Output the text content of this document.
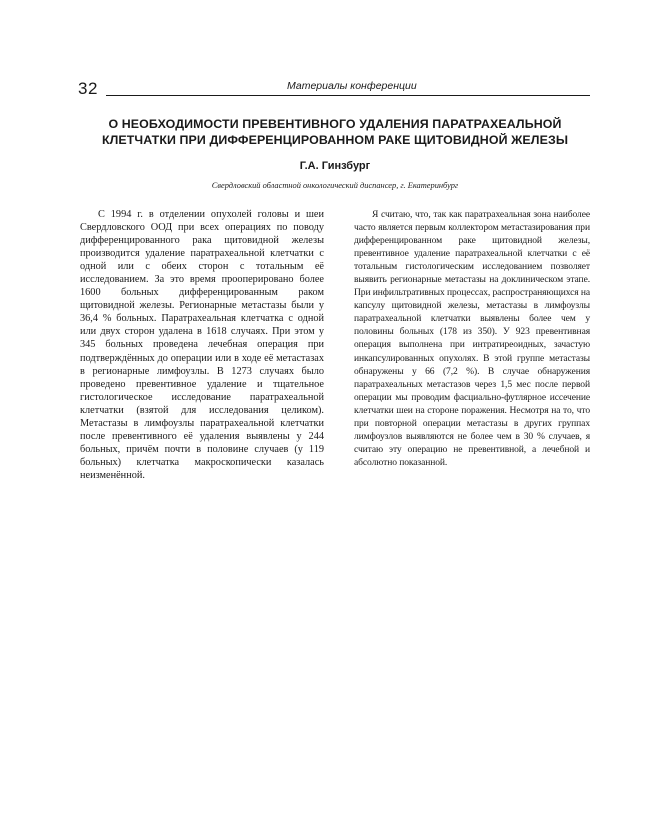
32	Материалы конференции
О НЕОБХОДИМОСТИ ПРЕВЕНТИВНОГО УДАЛЕНИЯ ПАРАТРАХЕАЛЬНОЙ КЛЕТЧАТКИ ПРИ ДИФФЕРЕНЦИРОВАННОМ РАКЕ ЩИТОВИДНОЙ ЖЕЛЕЗЫ
Г.А. Гинзбург
Свердловский областной онкологический диспансер, г. Екатеринбург

С 1994 г. в отделении опухолей головы и шеи Свердловского ООД при всех операциях по поводу дифференцированного рака щитовидной железы производится удаление паратрахеальной клетчатки с одной или с обеих сторон с тотальным её исследованием. За это время прооперировано более 1600 больных дифференцированным раком щитовидной железы. Регионарные метастазы были у 36,4 % больных. Паратрахеальная клетчатка с одной или двух сторон удалена в 1618 случаях. При этом у 345 больных проведена лечебная операция при подтверждённых до операции или в ходе её метастазах в регионарные лимфоузлы. В 1273 случаях было проведено превентивное удаление и тщательное гистологическое исследование паратрахеальной клетчатки (взятой для исследования целиком). Метастазы в лимфоузлы паратрахеальной клетчатки после превентивного её удаления выявлены у 244 больных, причём почти в половине случаев (у 119 больных) клетчатка макроскопически казалась неизменённой.

Я считаю, что, так как паратрахеальная зона наиболее часто является первым коллектором метастазирования при дифференцированном раке щитовидной железы, превентивное удаление паратрахеальной клетчатки с её тотальным гистологическим исследованием позволяет выявить регионарные метастазы на доклиническом этапе. При инфильтративных процессах, распространяющихся на капсулу щитовидной железы, метастазы в лимфоузлы паратрахеальной клетчатки выявлены более чем у половины больных (178 из 350). У 923 превентивная операция выполнена при интратиреоидных, зачастую инкапсулированных опухолях. В этой группе метастазы обнаружены у 66 (7,2 %). В случае обнаружения паратрахеальных метастазов через 1,5 мес после первой операции мы проводим фасциально-футлярное иссечение клетчатки шеи на стороне поражения. Несмотря на то, что при повторной операции метастазы в других группах лимфоузлов выявляются не более чем в 30 % случаев, я считаю эту операцию не превентивной, а лечебной и абсолютно показанной.
